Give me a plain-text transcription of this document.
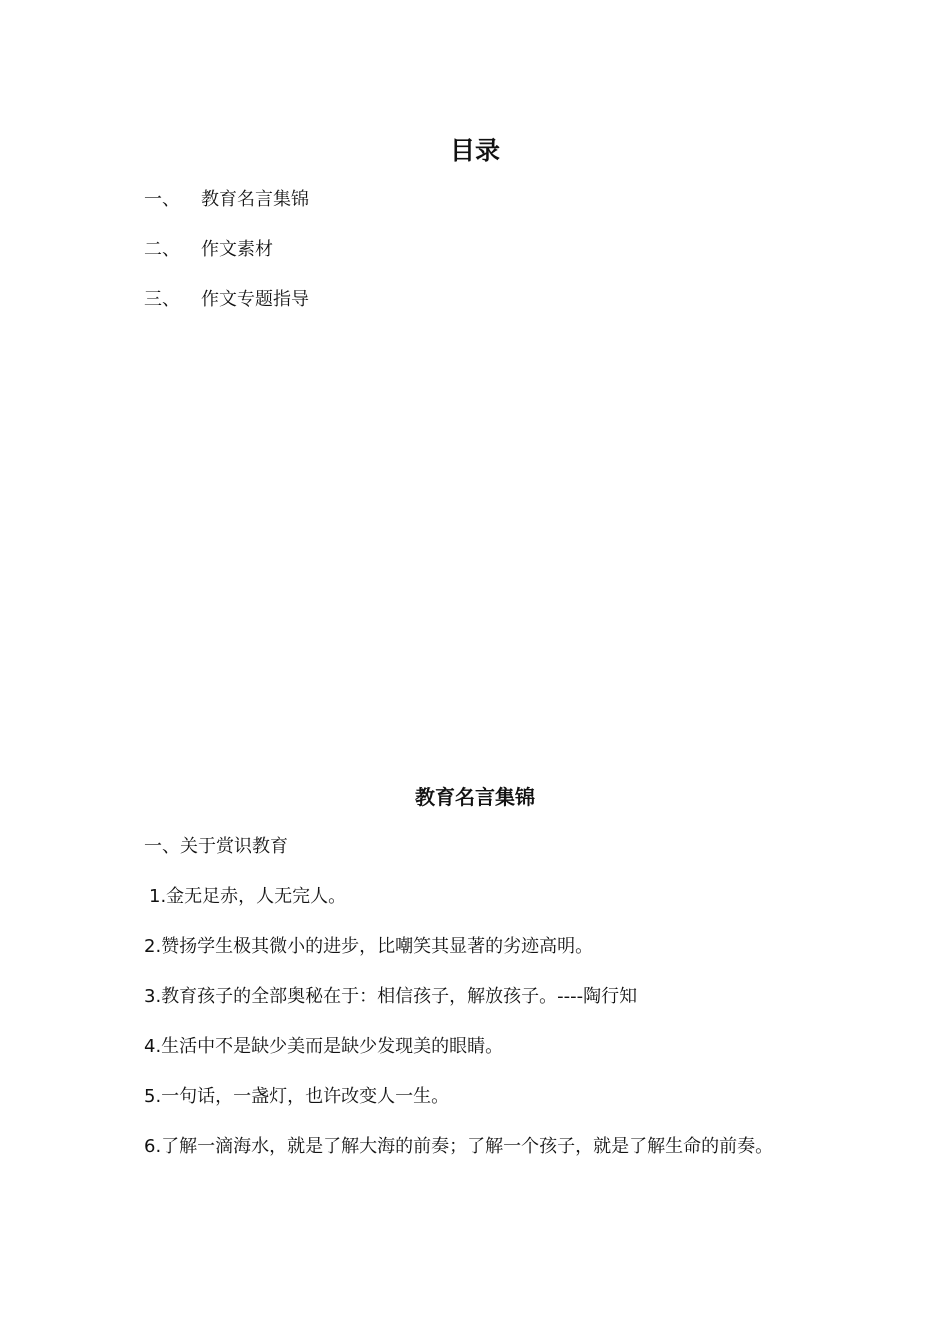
目录
一、 教育名言集锦
二、 作文素材
三、 作文专题指导
教育名言集锦

一、关于赏识教育

1.金无足赤，人无完人。
2.赞扬学生极其微小的进步，比嘲笑其显著的劣迹高明。
3.教育孩子的全部奥秘在于：相信孩子，解放孩子。----陶行知
4.生活中不是缺少美而是缺少发现美的眼睛。
5.一句话，一盏灯，也许改变人一生。
6.了解一滴海水，就是了解大海的前奏；了解一个孩子，就是了解生命的前奏。
